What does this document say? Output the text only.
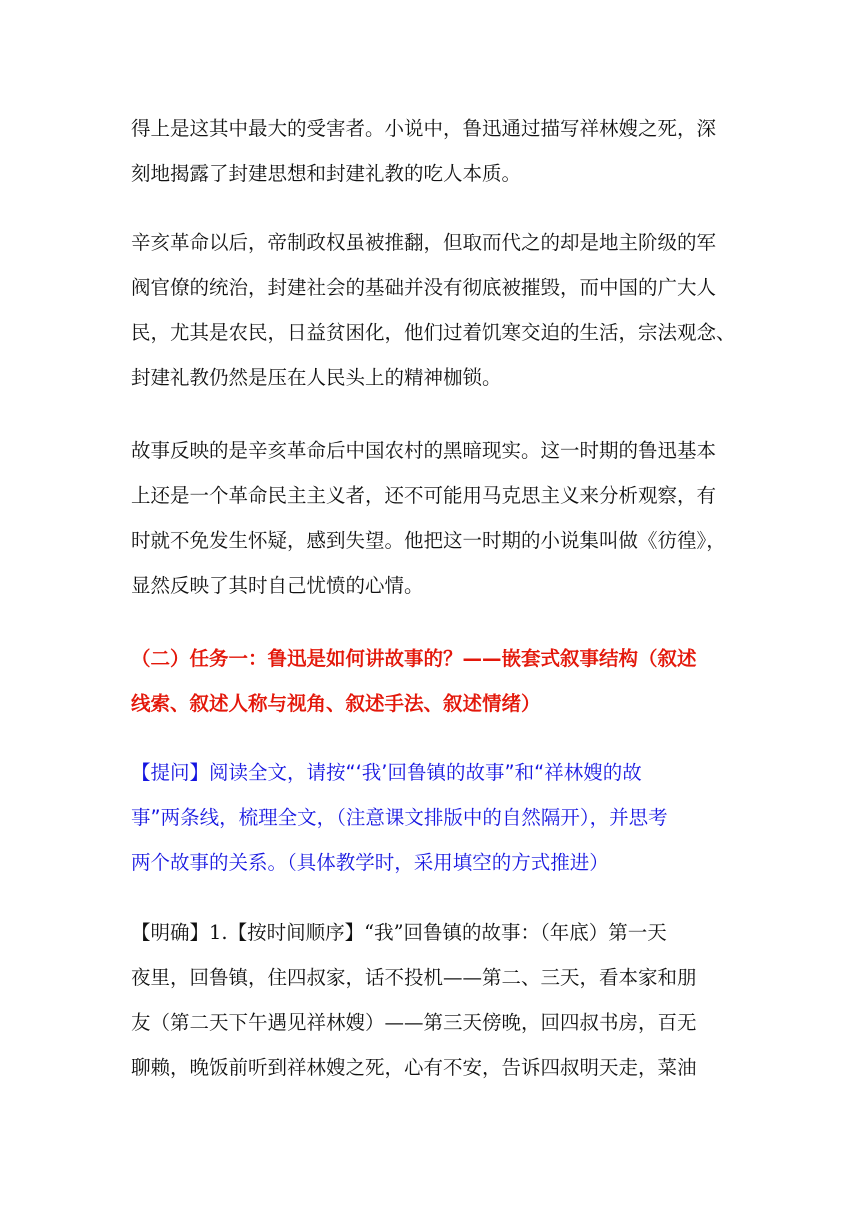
得上是这其中最大的受害者。小说中，鲁迅通过描写祥林嫂之死，深
刻地揭露了封建思想和封建礼教的吃人本质。

辛亥革命以后，帝制政权虽被推翻，但取而代之的却是地主阶级的军
阀官僚的统治，封建社会的基础并没有彻底被摧毁，而中国的广大人
民，尤其是农民，日益贫困化，他们过着饥寒交迫的生活，宗法观念、
封建礼教仍然是压在人民头上的精神枷锁。

故事反映的是辛亥革命后中国农村的黑暗现实。这一时期的鲁迅基本
上还是一个革命民主主义者，还不可能用马克思主义来分析观察，有
时就不免发生怀疑，感到失望。他把这一时期的小说集叫做《彷徨》，
显然反映了其时自己忧愤的心情。

（二）任务一：鲁迅是如何讲故事的？——嵌套式叙事结构（叙述
线索、叙述人称与视角、叙述手法、叙述情绪）

【提问】阅读全文，请按“‘我’回鲁镇的故事”和“祥林嫂的故
事”两条线，梳理全文，（注意课文排版中的自然隔开），并思考
两个故事的关系。（具体教学时，采用填空的方式推进）

【明确】1.【按时间顺序】“我”回鲁镇的故事：（年底）第一天
夜里，回鲁镇，住四叔家，话不投机——第二、三天，看本家和朋
友（第二天下午遇见祥林嫂）——第三天傍晚，回四叔书房，百无
聊赖，晚饭前听到祥林嫂之死，心有不安，告诉四叔明天走，菜油
